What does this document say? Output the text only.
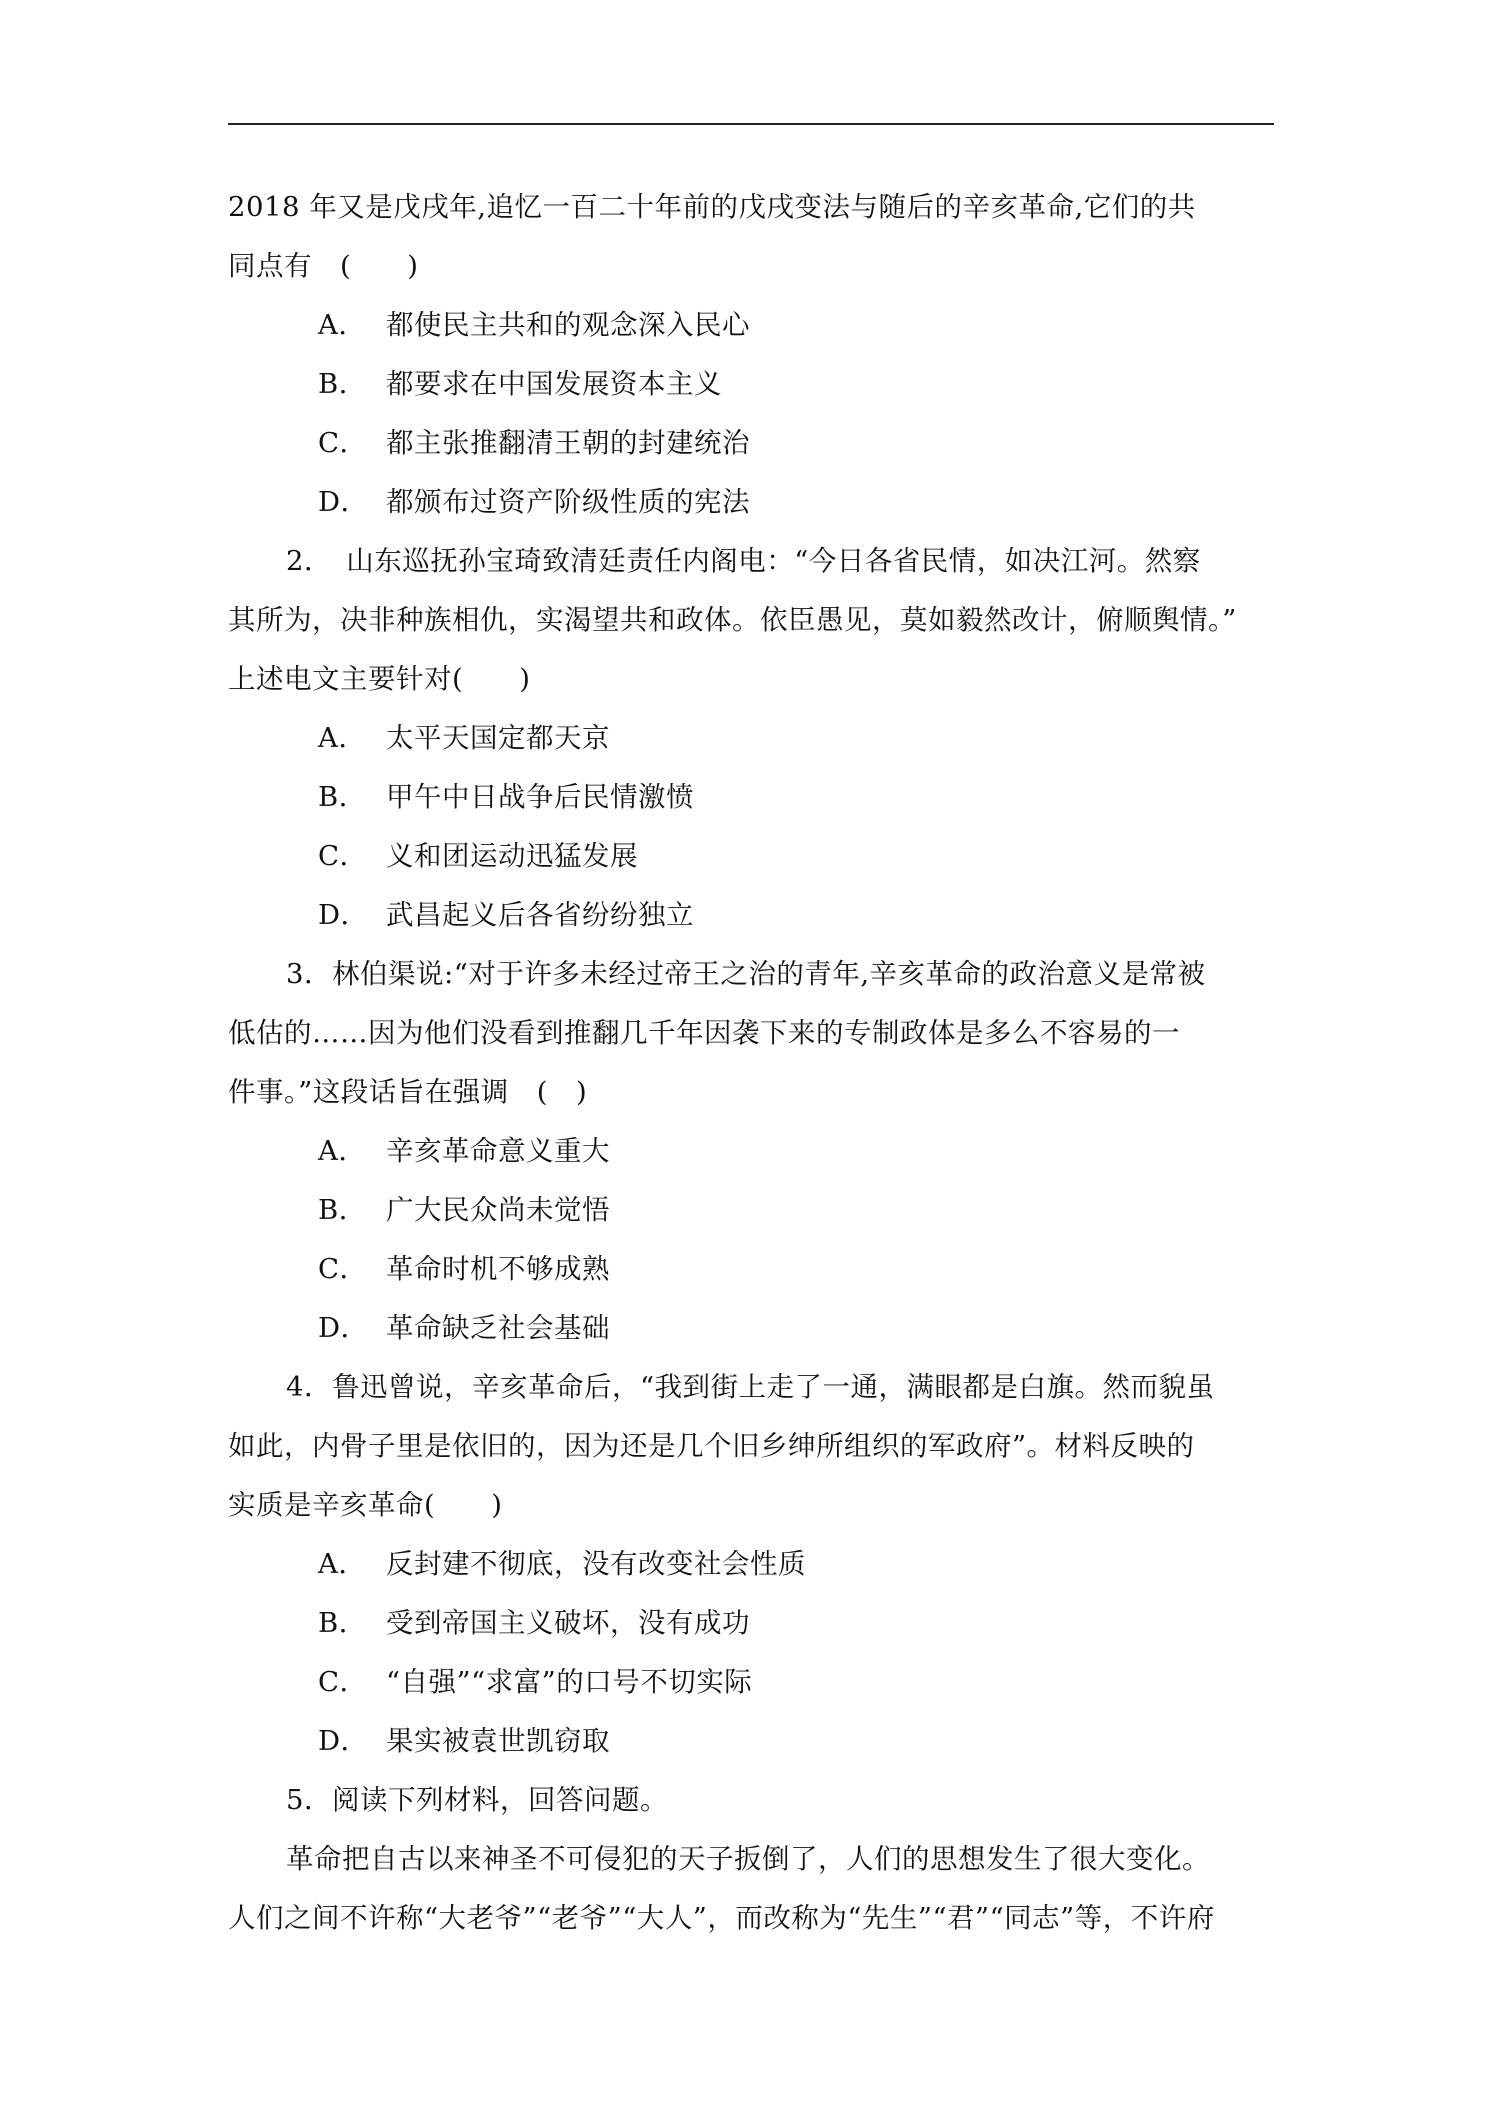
2018 年又是戊戌年,追忆一百二十年前的戊戌变法与随后的辛亥革命,它们的共
同点有　(　　)
A． 都使民主共和的观念深入民心
B． 都要求在中国发展资本主义
C． 都主张推翻清王朝的封建统治
D． 都颁布过资产阶级性质的宪法
2．　山东巡抚孙宝琦致清廷责任内阁电：“今日各省民情，如决江河。然察
其所为，决非种族相仇，实渴望共和政体。依臣愚见，莫如毅然改计，俯顺舆情。”
上述电文主要针对(　　)
A． 太平天国定都天京
B． 甲午中日战争后民情激愤
C． 义和团运动迅猛发展
D． 武昌起义后各省纷纷独立
3．林伯渠说:“对于许多未经过帝王之治的青年,辛亥革命的政治意义是常被
低估的……因为他们没看到推翻几千年因袭下来的专制政体是多么不容易的一
件事。”这段话旨在强调　(　)
A． 辛亥革命意义重大
B． 广大民众尚未觉悟
C． 革命时机不够成熟
D． 革命缺乏社会基础
4．鲁迅曾说，辛亥革命后，“我到街上走了一通，满眼都是白旗。然而貌虽
如此，内骨子里是依旧的，因为还是几个旧乡绅所组织的军政府”。材料反映的
实质是辛亥革命(　　)
A． 反封建不彻底，没有改变社会性质
B． 受到帝国主义破坏，没有成功
C． “自强”“求富”的口号不切实际
D． 果实被袁世凯窃取
5．阅读下列材料，回答问题。
革命把自古以来神圣不可侵犯的天子扳倒了，人们的思想发生了很大变化。
人们之间不许称“大老爷”“老爷”“大人”，而改称为“先生”“君”“同志”等，不许府
